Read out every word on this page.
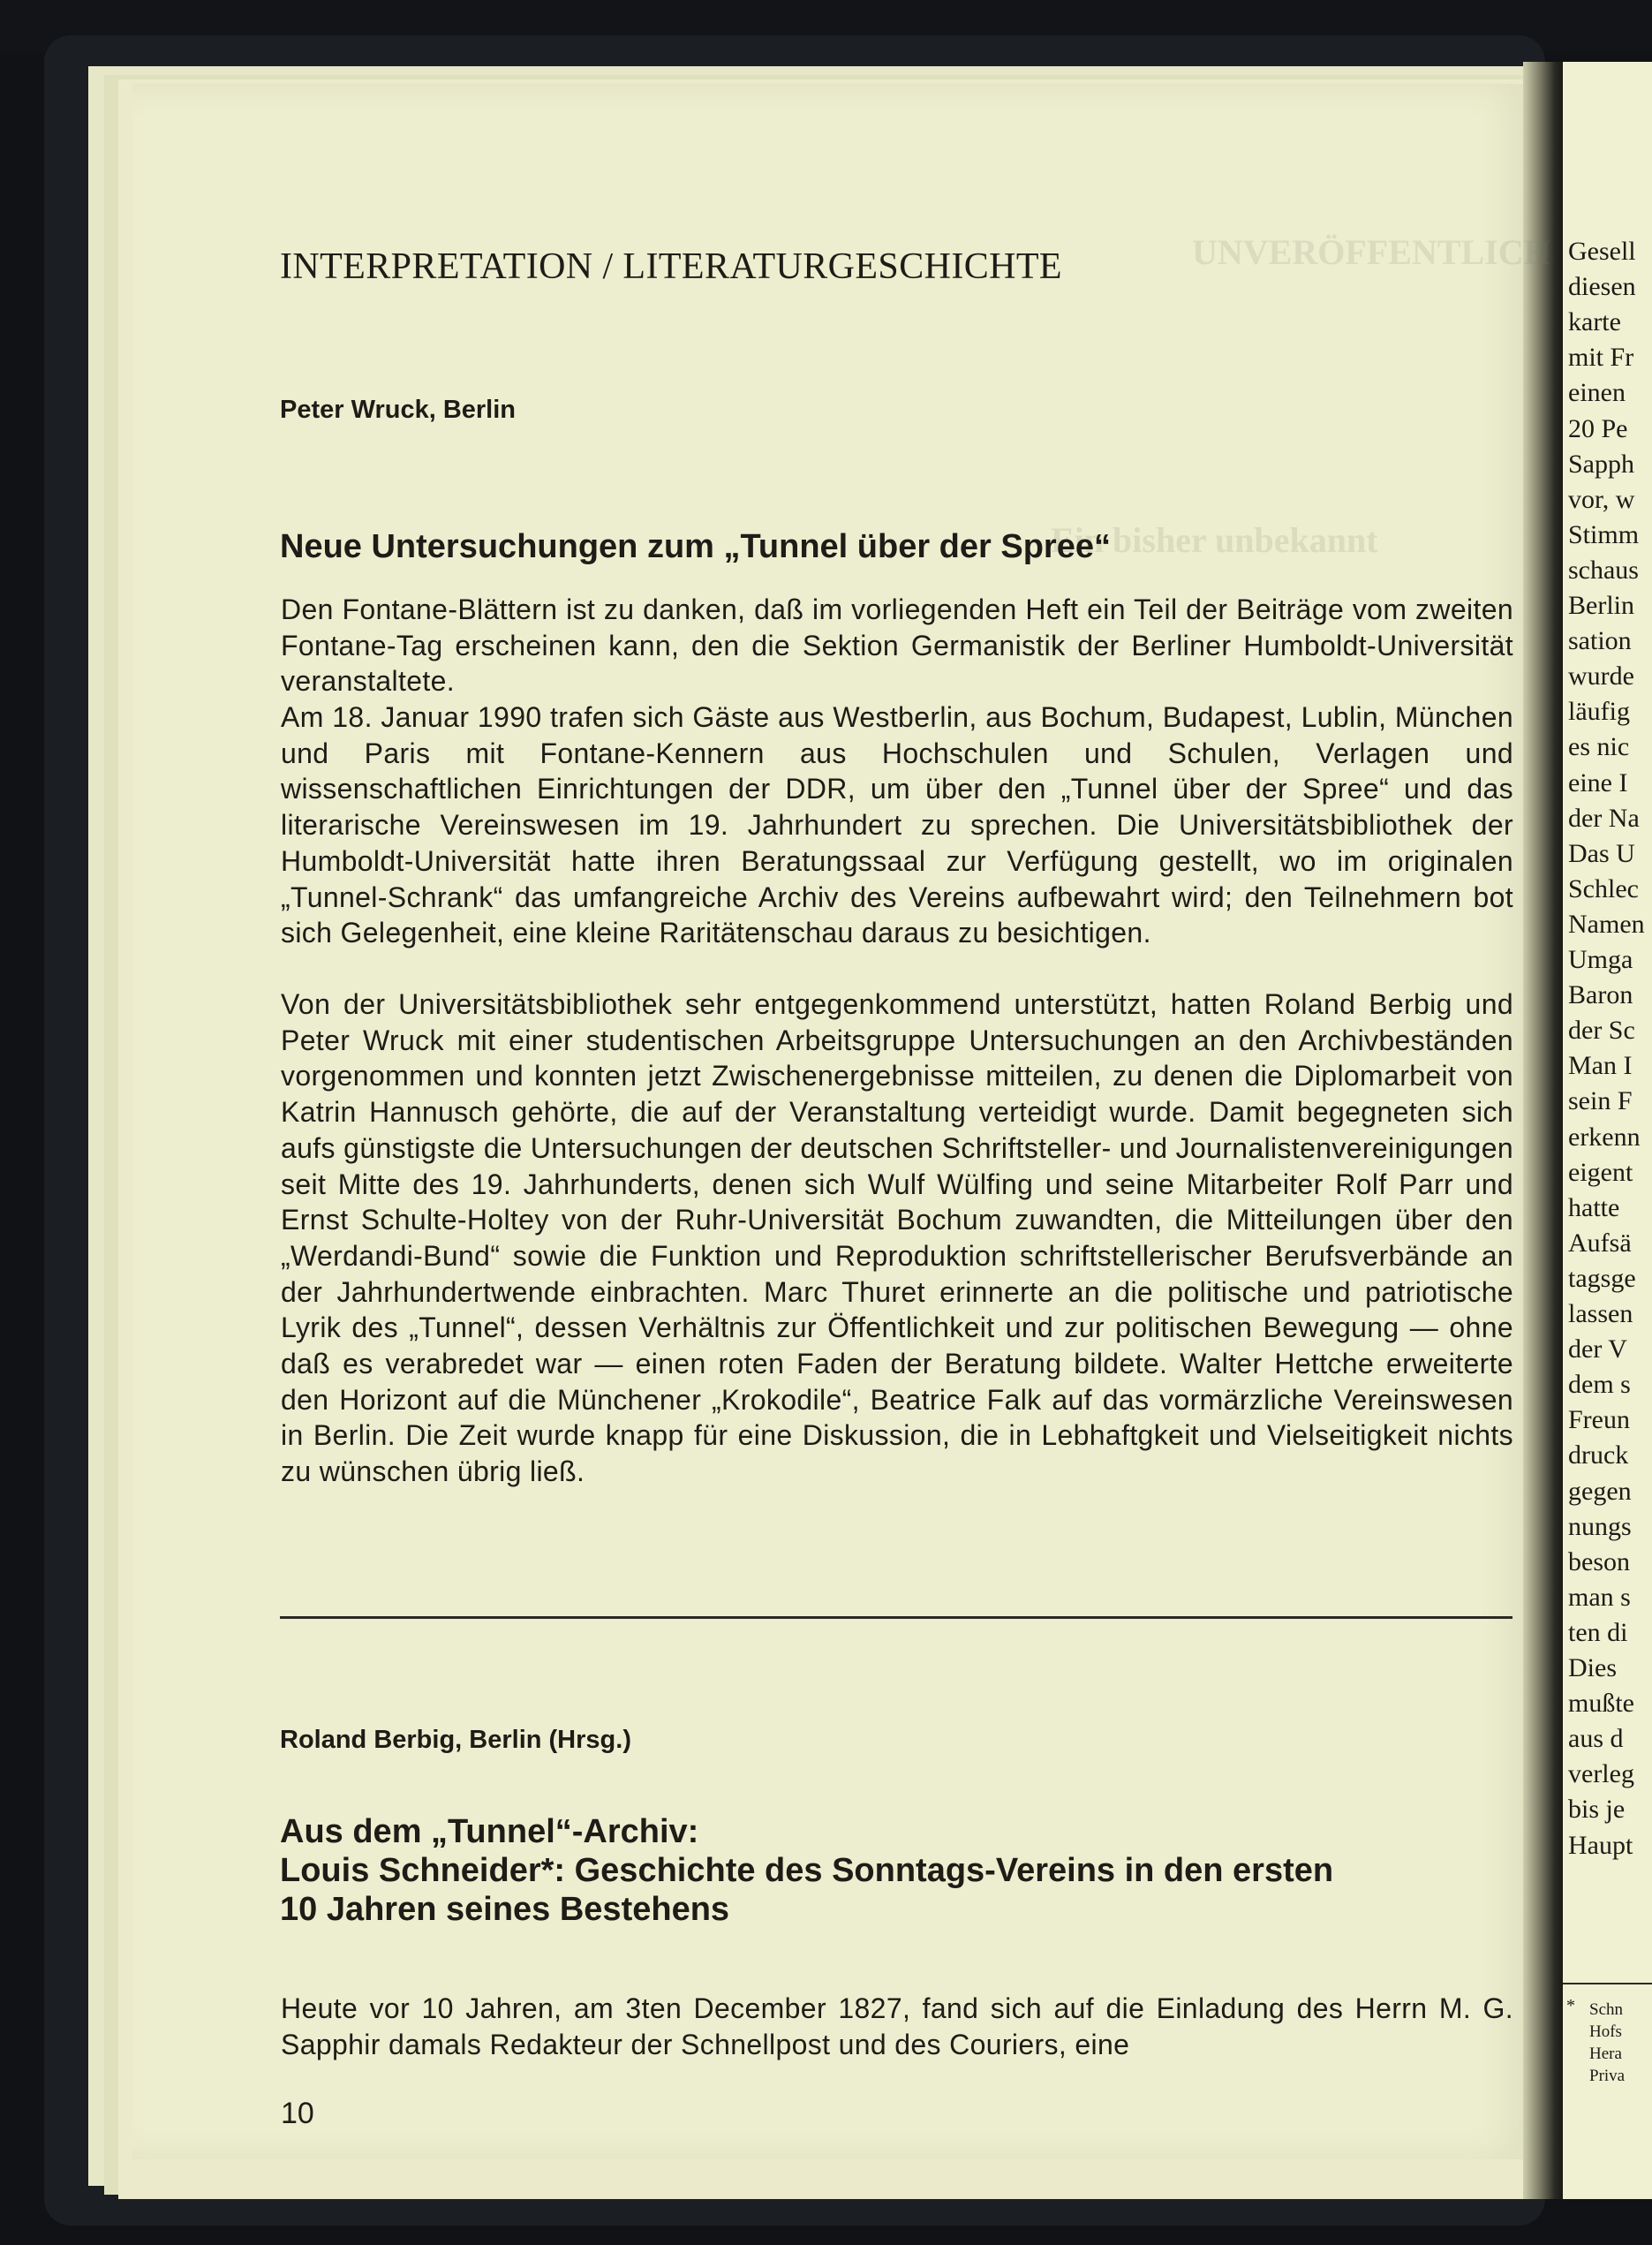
UNVERÖFFENTLICH
Ein bisher unbekannt
INTERPRETATION / LITERATURGESCHICHTE
Peter Wruck, Berlin
Neue Untersuchungen zum „Tunnel über der Spree“

Den Fontane-Blättern ist zu danken, daß im vorliegenden Heft ein Teil der Beiträge vom zweiten Fontane-Tag erscheinen kann, den die Sektion Germanistik der Berliner Humboldt-Universität veranstaltete.

Am 18. Januar 1990 trafen sich Gäste aus Westberlin, aus Bochum, Budapest, Lublin, München und Paris mit Fontane-Kennern aus Hochschulen und Schulen, Verlagen und wissenschaftlichen Einrichtungen der DDR, um über den „Tunnel über der Spree“ und das literarische Vereinswesen im 19. Jahrhundert zu sprechen. Die Universitätsbibliothek der Humboldt-Universität hatte ihren Beratungssaal zur Verfügung gestellt, wo im originalen „Tunnel-Schrank“ das umfangreiche Archiv des Vereins aufbewahrt wird; den Teilnehmern bot sich Gelegenheit, eine kleine Raritätenschau daraus zu besichtigen.

Von der Universitätsbibliothek sehr entgegenkommend unterstützt, hatten Roland Berbig und Peter Wruck mit einer studentischen Arbeitsgruppe Untersuchungen an den Archivbeständen vorgenommen und konnten jetzt Zwischenergebnisse mitteilen, zu denen die Diplomarbeit von Katrin Hannusch gehörte, die auf der Veranstaltung verteidigt wurde. Damit begegneten sich aufs günstigste die Untersuchungen der deutschen Schriftsteller- und Journalistenvereinigungen seit Mitte des 19. Jahrhunderts, denen sich Wulf Wülfing und seine Mitarbeiter Rolf Parr und Ernst Schulte-Holtey von der Ruhr-Universität Bochum zuwandten, die Mitteilungen über den „Werdandi-Bund“ sowie die Funktion und Reproduktion schriftstellerischer Berufsverbände an der Jahrhundertwende einbrachten. Marc Thuret erinnerte an die politische und patriotische Lyrik des „Tunnel“, dessen Verhältnis zur Öffentlichkeit und zur politischen Bewegung — ohne daß es verabredet war — einen roten Faden der Beratung bildete. Walter Hettche erweiterte den Horizont auf die Münchener „Krokodile“, Beatrice Falk auf das vormärzliche Vereinswesen in Berlin. Die Zeit wurde knapp für eine Diskussion, die in Lebhaftgkeit und Vielseitigkeit nichts zu wünschen übrig ließ.

Roland Berbig, Berlin (Hrsg.)
Aus dem „Tunnel“-Archiv:
Louis Schneider*: Geschichte des Sonntags-Vereins in den ersten
10 Jahren seines Bestehens

Heute vor 10 Jahren, am 3ten December 1827, fand sich auf die Einladung des Herrn M. G. Sapphir damals Redakteur der Schnellpost und des Couriers, eine

10
*
Gesell
diesen
karte
mit Fr
einen
20 Pe
Sapph
vor, w
Stimm
schaus
Berlin
sation
wurde
läufig
es nic
eine I
der Na
Das U
Schlec
Namen
Umga
Baron
der Sc
Man I
sein F
erkenn
eigent
hatte
Aufsä
tagsge
lassen
der V
dem s
Freun
druck
gegen
nungs
beson
man s
ten di
Dies
mußte
aus d
verleg
bis je
Haupt
Schn
Hofs
Hera
Priva
